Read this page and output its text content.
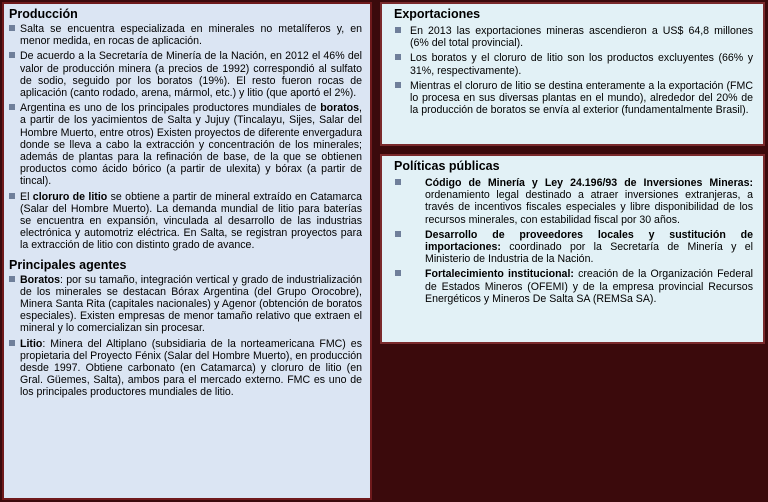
Producción
Salta se encuentra especializada en minerales no metalíferos y, en menor medida, en rocas de aplicación.
De acuerdo a la Secretaría de Minería de la Nación, en 2012 el 46% del valor de producción minera (a precios de 1992) correspondió al sulfato de sodio, seguido por los boratos (19%). El resto fueron rocas de aplicación (canto rodado, arena, mármol, etc.) y litio (que aportó el 2%).
Argentina es uno de los principales productores mundiales de boratos, a partir de los yacimientos de Salta y Jujuy (Tincalayu, Sijes, Salar del Hombre Muerto, entre otros) Existen proyectos de diferente envergadura donde se lleva a cabo la extracción y concentración de los minerales; además de plantas para la refinación de base, de la que se obtienen productos como ácido bórico (a partir de ulexita) y bórax (a partir de tincal).
El cloruro de litio se obtiene a partir de mineral extraído en Catamarca (Salar del Hombre Muerto). La demanda mundial de litio para baterías se encuentra en expansión, vinculada al desarrollo de las industrias electrónica y automotriz eléctrica. En Salta, se registran proyectos para la extracción de litio con distinto grado de avance.
Principales agentes
Boratos: por su tamaño, integración vertical y grado de industrialización de los minerales se destacan Bórax Argentina (del Grupo Orocobre), Minera Santa Rita (capitales nacionales) y Agenor (obtención de boratos especiales). Existen empresas de menor tamaño relativo que extraen el mineral y lo comercializan sin procesar.
Litio: Minera del Altiplano (subsidiaria de la norteamericana FMC) es propietaria del Proyecto Fénix (Salar del Hombre Muerto), en producción desde 1997. Obtiene carbonato (en Catamarca) y cloruro de litio (en Gral. Güemes, Salta), ambos para el mercado externo. FMC es uno de los principales productores mundiales de litio.
Exportaciones
En 2013 las exportaciones mineras ascendieron a US$ 64,8 millones (6% del total provincial).
Los boratos y el cloruro de litio son los productos excluyentes (66% y 31%, respectivamente).
Mientras el cloruro de litio se destina enteramente a la exportación (FMC lo procesa en sus diversas plantas en el mundo), alrededor del 20% de la producción de boratos se envía al exterior (fundamentalmente Brasil).
Políticas públicas
Código de Minería y Ley 24.196/93 de Inversiones Mineras: ordenamiento legal destinado a atraer inversiones extranjeras, a través de incentivos fiscales especiales y libre disponibilidad de los recursos minerales, con estabilidad fiscal por 30 años.
Desarrollo de proveedores locales y sustitución de importaciones: coordinado por la Secretaría de Minería y el Ministerio de Industria de la Nación.
Fortalecimiento institucional: creación de la Organización Federal de Estados Mineros (OFEMI) y de la empresa provincial Recursos Energéticos y Mineros De Salta SA (REMSa SA).
